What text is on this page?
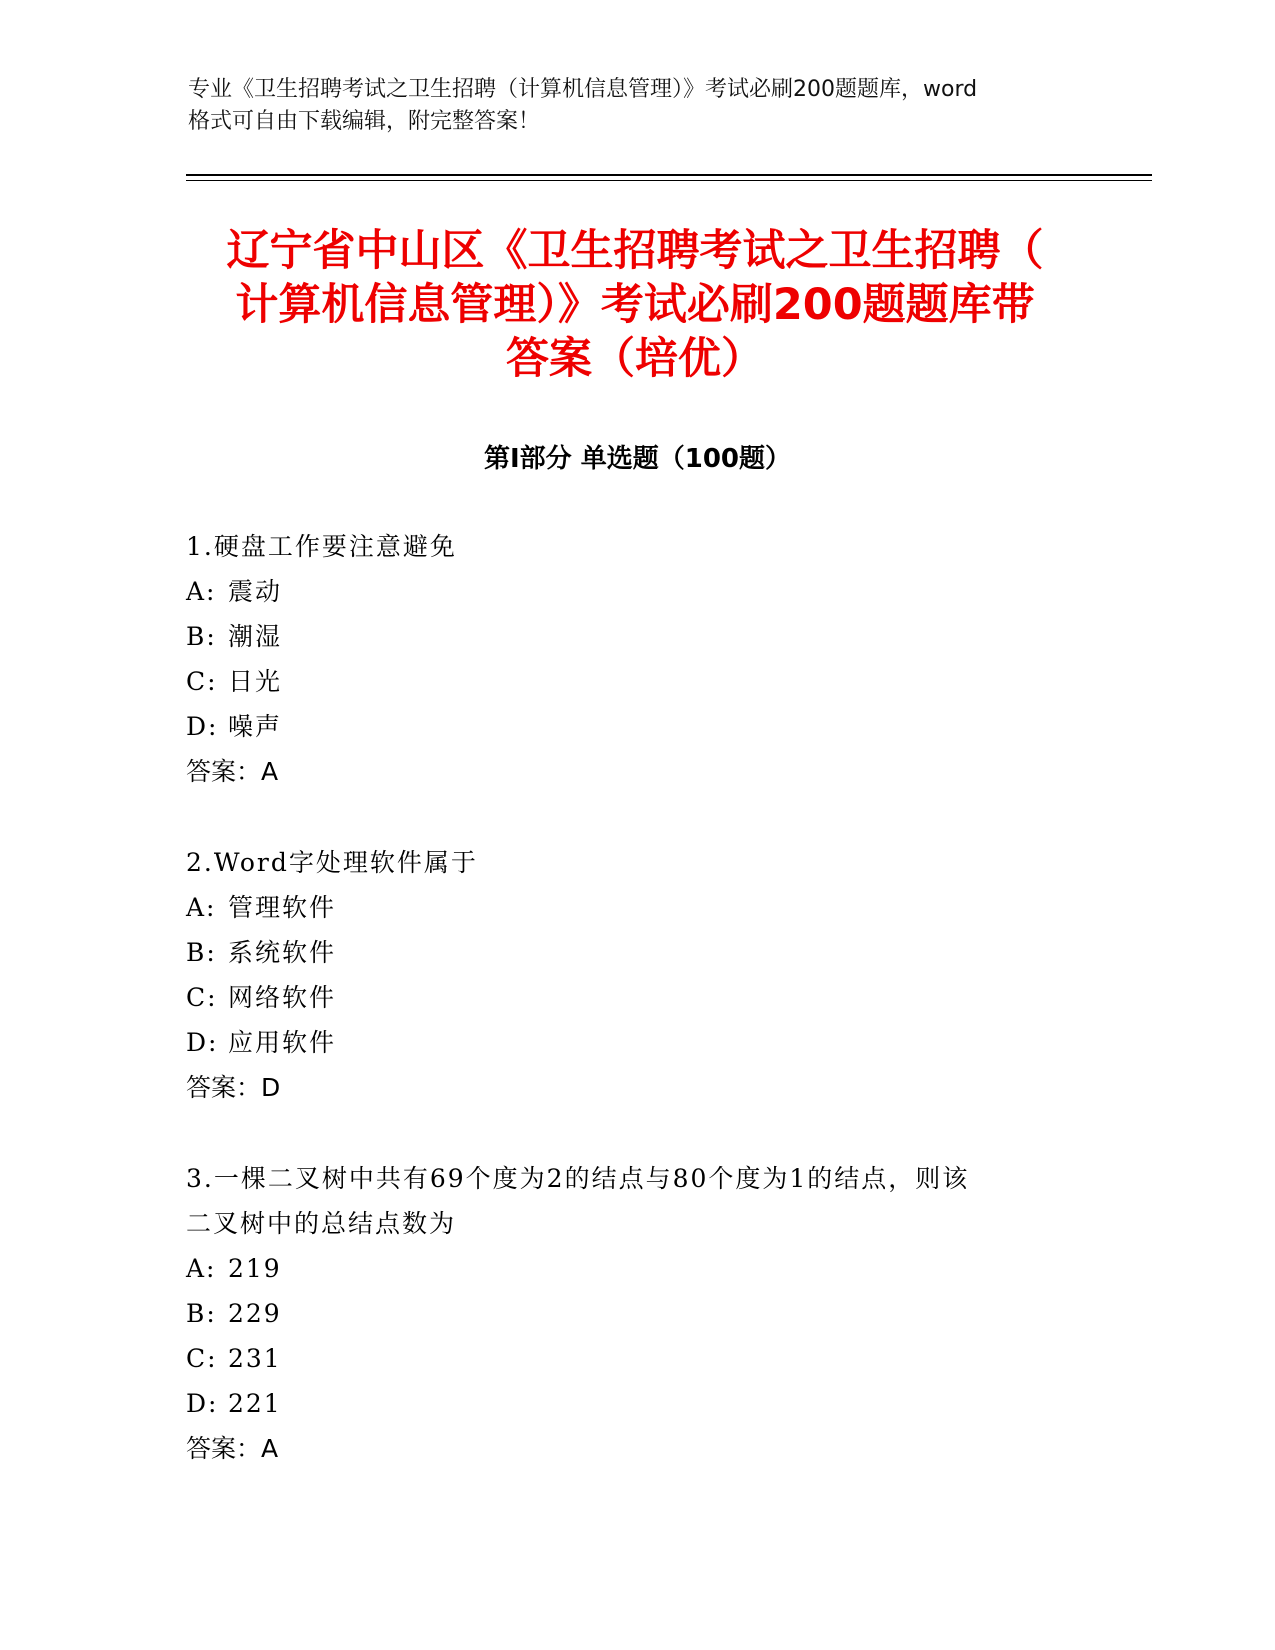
专业《卫生招聘考试之卫生招聘（计算机信息管理）》考试必刷200题题库，word
格式可自由下载编辑，附完整答案！
辽宁省中山区《卫生招聘考试之卫生招聘（
计算机信息管理）》考试必刷200题题库带
答案（培优）
第Ⅰ部分 单选题（100题）

1.硬盘工作要注意避免

A: 震动

B: 潮湿

C: 日光

D: 噪声

答案：A

2.Word字处理软件属于

A: 管理软件

B: 系统软件

C: 网络软件

D: 应用软件

答案：D

3.一棵二叉树中共有69个度为2的结点与80个度为1的结点，则该

二叉树中的总结点数为

A: 219

B: 229

C: 231

D: 221

答案：A
